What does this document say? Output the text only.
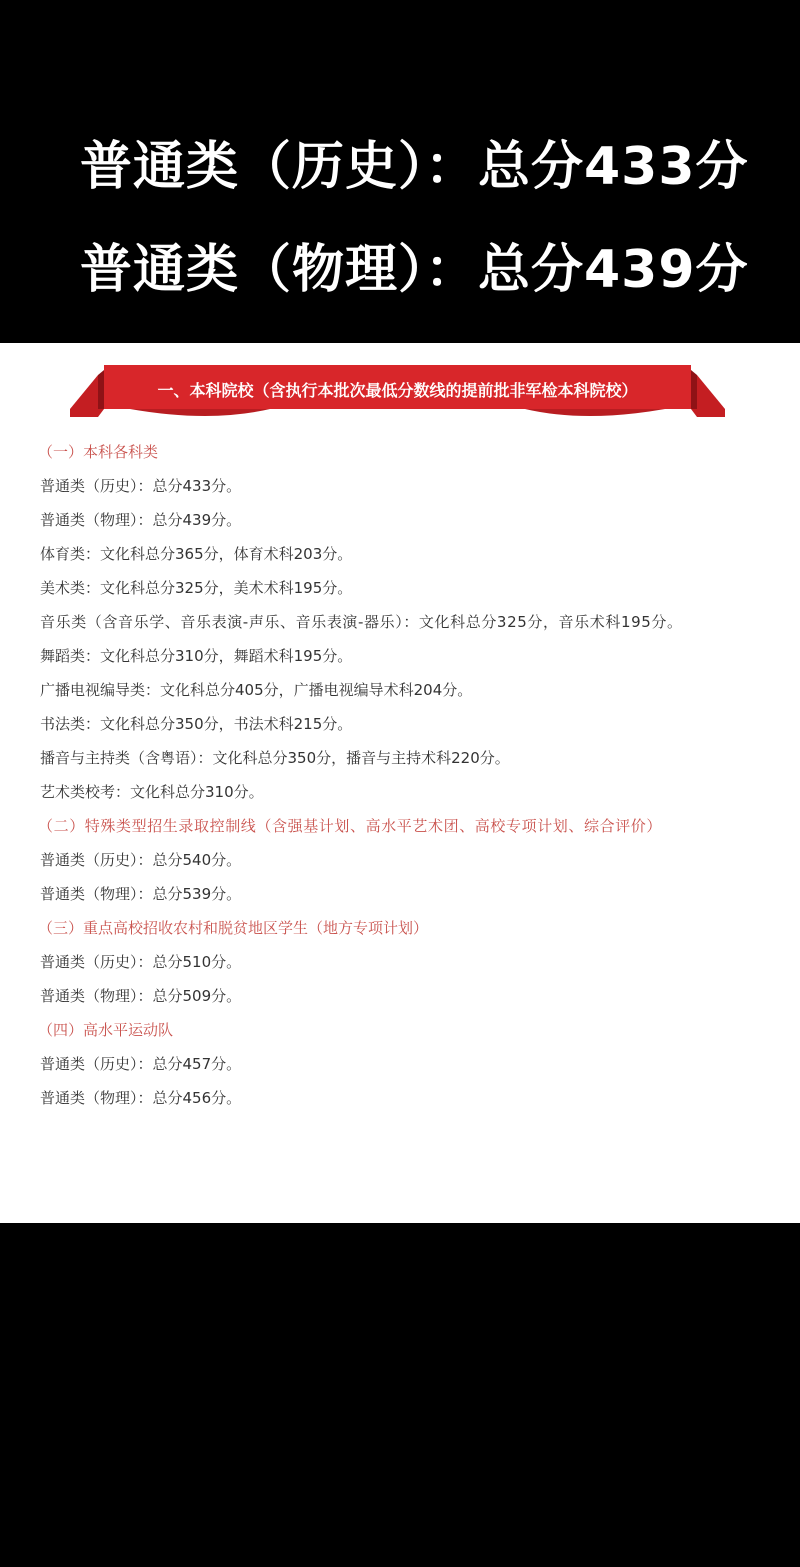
普通类（历史）：总分433分
普通类（物理）：总分439分
一、本科院校（含执行本批次最低分数线的提前批非军检本科院校）
（一）本科各科类
普通类（历史）：总分433分。
普通类（物理）：总分439分。
体育类：文化科总分365分，体育术科203分。
美术类：文化科总分325分，美术术科195分。
音乐类（含音乐学、音乐表演-声乐、音乐表演-器乐）：文化科总分325分，音乐术科195分。
舞蹈类：文化科总分310分，舞蹈术科195分。
广播电视编导类：文化科总分405分，广播电视编导术科204分。
书法类：文化科总分350分，书法术科215分。
播音与主持类（含粤语）：文化科总分350分，播音与主持术科220分。
艺术类校考：文化科总分310分。
（二）特殊类型招生录取控制线（含强基计划、高水平艺术团、高校专项计划、综合评价）
普通类（历史）：总分540分。
普通类（物理）：总分539分。
（三）重点高校招收农村和脱贫地区学生（地方专项计划）
普通类（历史）：总分510分。
普通类（物理）：总分509分。
（四）高水平运动队
普通类（历史）：总分457分。
普通类（物理）：总分456分。
